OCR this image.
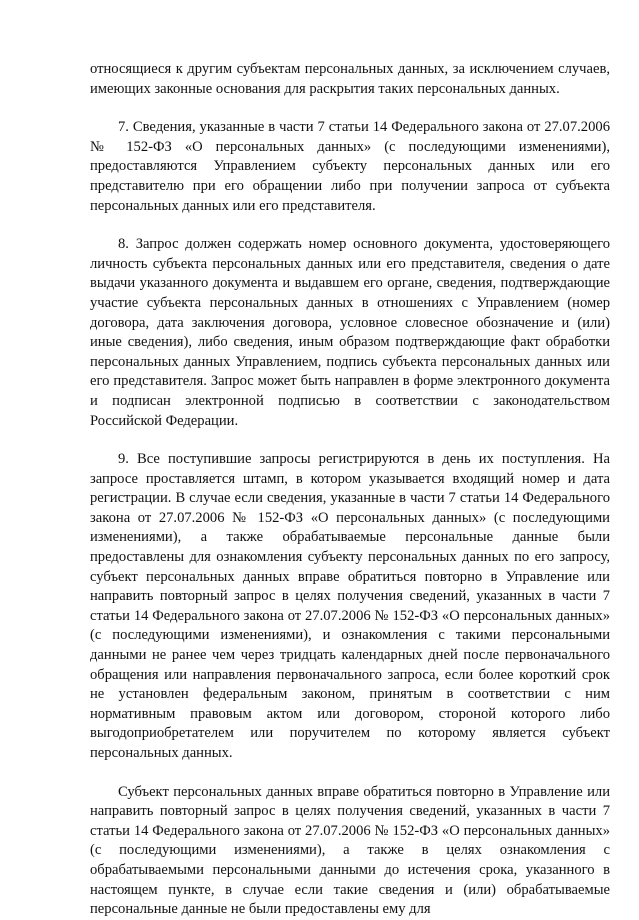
относящиеся к другим субъектам персональных данных, за исключением случаев, имеющих законные основания для раскрытия таких персональных данных.

7. Сведения, указанные в части 7 статьи 14 Федерального закона от 27.07.2006 № 152-ФЗ «О персональных данных» (с последующими изменениями), предоставляются Управлением субъекту персональных данных или его представителю при его обращении либо при получении запроса от субъекта персональных данных или его представителя.

8. Запрос должен содержать номер основного документа, удостоверяющего личность субъекта персональных данных или его представителя, сведения о дате выдачи указанного документа и выдавшем его органе, сведения, подтверждающие участие субъекта персональных данных в отношениях с Управлением (номер договора, дата заключения договора, условное словесное обозначение и (или) иные сведения), либо сведения, иным образом подтверждающие факт обработки персональных данных Управлением, подпись субъекта персональных данных или его представителя. Запрос может быть направлен в форме электронного документа и подписан электронной подписью в соответствии с законодательством Российской Федерации.

9. Все поступившие запросы регистрируются в день их поступления. На запросе проставляется штамп, в котором указывается входящий номер и дата регистрации. В случае если сведения, указанные в части 7 статьи 14 Федерального закона от 27.07.2006 № 152-ФЗ «О персональных данных» (с последующими изменениями), а также обрабатываемые персональные данные были предоставлены для ознакомления субъекту персональных данных по его запросу, субъект персональных данных вправе обратиться повторно в Управление или направить повторный запрос в целях получения сведений, указанных в части 7 статьи 14 Федерального закона от 27.07.2006 № 152-ФЗ «О персональных данных» (с последующими изменениями), и ознакомления с такими персональными данными не ранее чем через тридцать календарных дней после первоначального обращения или направления первоначального запроса, если более короткий срок не установлен федеральным законом, принятым в соответствии с ним нормативным правовым актом или договором, стороной которого либо выгодоприобретателем или поручителем по которому является субъект персональных данных.

Субъект персональных данных вправе обратиться повторно в Управление или направить повторный запрос в целях получения сведений, указанных в части 7 статьи 14 Федерального закона от 27.07.2006 № 152-ФЗ «О персональных данных» (с последующими изменениями), а также в целях ознакомления с обрабатываемыми персональными данными до истечения срока, указанного в настоящем пункте, в случае если такие сведения и (или) обрабатываемые персональные данные не были предоставлены ему для
